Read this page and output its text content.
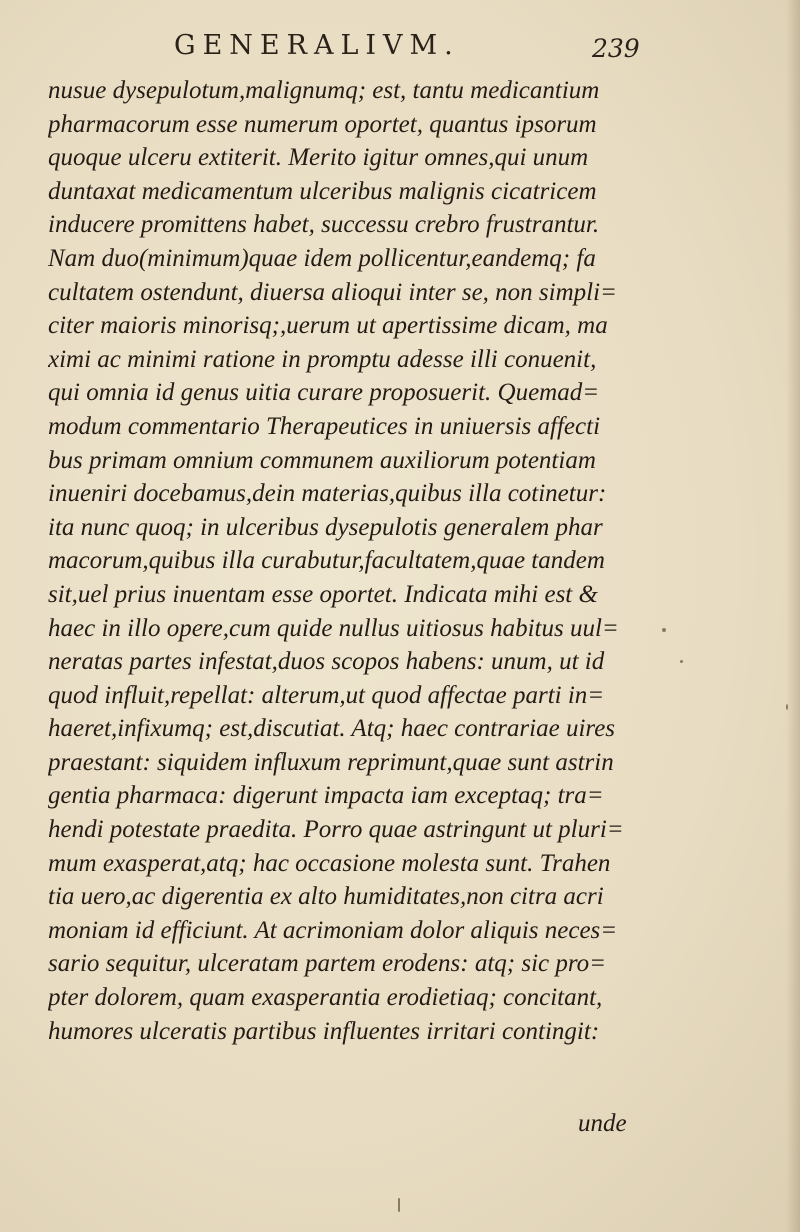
GENERALIVM.	239
nusue dysepulotum,malignumq; est, tantu medicantium
pharmacorum esse numerum oportet, quantus ipsorum
quoque ulceru extiterit. Merito igitur omnes,qui unum
duntaxat medicamentum ulceribus malignis cicatricem
inducere promittens habet, successu crebro frustrantur.
Nam duo(minimum)quae idem pollicentur,eandemq; fa
cultatem ostendunt, diuersa alioqui inter se, non simpli=
citer maioris minorisq;,uerum ut apertissime dicam, ma
ximi ac minimi ratione in promptu adesse illi conuenit,
qui omnia id genus uitia curare proposuerit. Quemad=
modum commentario Therapeutices in uniuersis affecti
bus primam omnium communem auxiliorum potentiam
inueniri docebamus,dein materias,quibus illa cotinetur:
ita nunc quoq; in ulceribus dysepulotis generalem phar
macorum,quibus illa curabutur,facultatem,quae tandem
sit,uel prius inuentam esse oportet. Indicata mihi est &
haec in illo opere,cum quide nullus uitiosus habitus uul=
neratas partes infestat,duos scopos habens: unum, ut id
quod influit,repellat: alterum,ut quod affectae parti in=
haeret,infixumq; est,discutiat. Atq; haec contrariae uires
praestant: siquidem influxum reprimunt,quae sunt astrin
gentia pharmaca: digerunt impacta iam exceptaq; tra=
hendi potestate praedita. Porro quae astringunt ut pluri=
mum exasperat,atq; hac occasione molesta sunt. Trahen
tia uero,ac digerentia ex alto humiditates,non citra acri
moniam id efficiunt. At acrimoniam dolor aliquis neces=
sario sequitur, ulceratam partem erodens: atq; sic pro=
pter dolorem, quam exasperantia erodietiaq; concitant,
humores ulceratis partibus influentes irritari contingit:
unde
